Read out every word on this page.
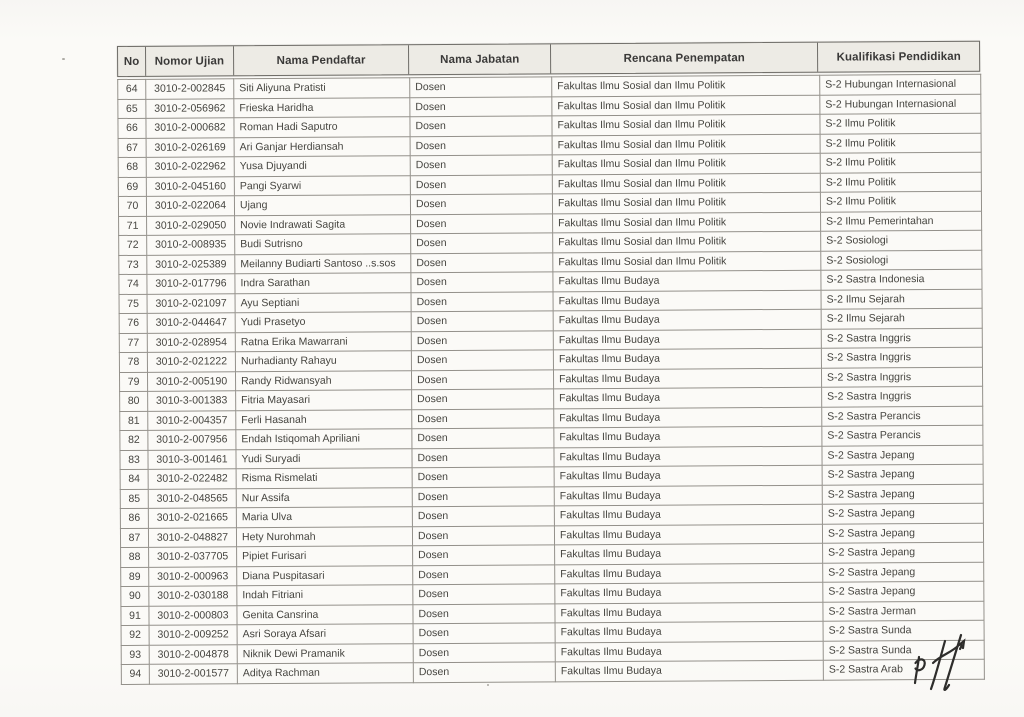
No	Nomor Ujian	Nama Pendaftar	Nama Jabatan	Rencana Penempatan	Kualifikasi Pendidikan
64	3010-2-002845	Siti Aliyuna Pratisti	Dosen	Fakultas Ilmu Sosial dan Ilmu Politik	S-2 Hubungan Internasional
65	3010-2-056962	Frieska Haridha	Dosen	Fakultas Ilmu Sosial dan Ilmu Politik	S-2 Hubungan Internasional
66	3010-2-000682	Roman Hadi Saputro	Dosen	Fakultas Ilmu Sosial dan Ilmu Politik	S-2 Ilmu Politik
67	3010-2-026169	Ari Ganjar Herdiansah	Dosen	Fakultas Ilmu Sosial dan Ilmu Politik	S-2 Ilmu Politik
68	3010-2-022962	Yusa Djuyandi	Dosen	Fakultas Ilmu Sosial dan Ilmu Politik	S-2 Ilmu Politik
69	3010-2-045160	Pangi Syarwi	Dosen	Fakultas Ilmu Sosial dan Ilmu Politik	S-2 Ilmu Politik
70	3010-2-022064	Ujang	Dosen	Fakultas Ilmu Sosial dan Ilmu Politik	S-2 Ilmu Politik
71	3010-2-029050	Novie Indrawati Sagita	Dosen	Fakultas Ilmu Sosial dan Ilmu Politik	S-2 Ilmu Pemerintahan
72	3010-2-008935	Budi Sutrisno	Dosen	Fakultas Ilmu Sosial dan Ilmu Politik	S-2 Sosiologi
73	3010-2-025389	Meilanny Budiarti Santoso ..s.sos	Dosen	Fakultas Ilmu Sosial dan Ilmu Politik	S-2 Sosiologi
74	3010-2-017796	Indra Sarathan	Dosen	Fakultas Ilmu Budaya	S-2 Sastra Indonesia
75	3010-2-021097	Ayu Septiani	Dosen	Fakultas Ilmu Budaya	S-2 Ilmu Sejarah
76	3010-2-044647	Yudi Prasetyo	Dosen	Fakultas Ilmu Budaya	S-2 Ilmu Sejarah
77	3010-2-028954	Ratna Erika Mawarrani	Dosen	Fakultas Ilmu Budaya	S-2 Sastra Inggris
78	3010-2-021222	Nurhadianty Rahayu	Dosen	Fakultas Ilmu Budaya	S-2 Sastra Inggris
79	3010-2-005190	Randy Ridwansyah	Dosen	Fakultas Ilmu Budaya	S-2 Sastra Inggris
80	3010-3-001383	Fitria Mayasari	Dosen	Fakultas Ilmu Budaya	S-2 Sastra Inggris
81	3010-2-004357	Ferli Hasanah	Dosen	Fakultas Ilmu Budaya	S-2 Sastra Perancis
82	3010-2-007956	Endah Istiqomah Apriliani	Dosen	Fakultas Ilmu Budaya	S-2 Sastra Perancis
83	3010-3-001461	Yudi Suryadi	Dosen	Fakultas Ilmu Budaya	S-2 Sastra Jepang
84	3010-2-022482	Risma Rismelati	Dosen	Fakultas Ilmu Budaya	S-2 Sastra Jepang
85	3010-2-048565	Nur Assifa	Dosen	Fakultas Ilmu Budaya	S-2 Sastra Jepang
86	3010-2-021665	Maria Ulva	Dosen	Fakultas Ilmu Budaya	S-2 Sastra Jepang
87	3010-2-048827	Hety Nurohmah	Dosen	Fakultas Ilmu Budaya	S-2 Sastra Jepang
88	3010-2-037705	Pipiet Furisari	Dosen	Fakultas Ilmu Budaya	S-2 Sastra Jepang
89	3010-2-000963	Diana Puspitasari	Dosen	Fakultas Ilmu Budaya	S-2 Sastra Jepang
90	3010-2-030188	Indah Fitriani	Dosen	Fakultas Ilmu Budaya	S-2 Sastra Jepang
91	3010-2-000803	Genita Cansrina	Dosen	Fakultas Ilmu Budaya	S-2 Sastra Jerman
92	3010-2-009252	Asri Soraya Afsari	Dosen	Fakultas Ilmu Budaya	S-2 Sastra Sunda
93	3010-2-004878	Niknik Dewi Pramanik	Dosen	Fakultas Ilmu Budaya	S-2 Sastra Sunda
94	3010-2-001577	Aditya Rachman	Dosen	Fakultas Ilmu Budaya	S-2 Sastra Arab
